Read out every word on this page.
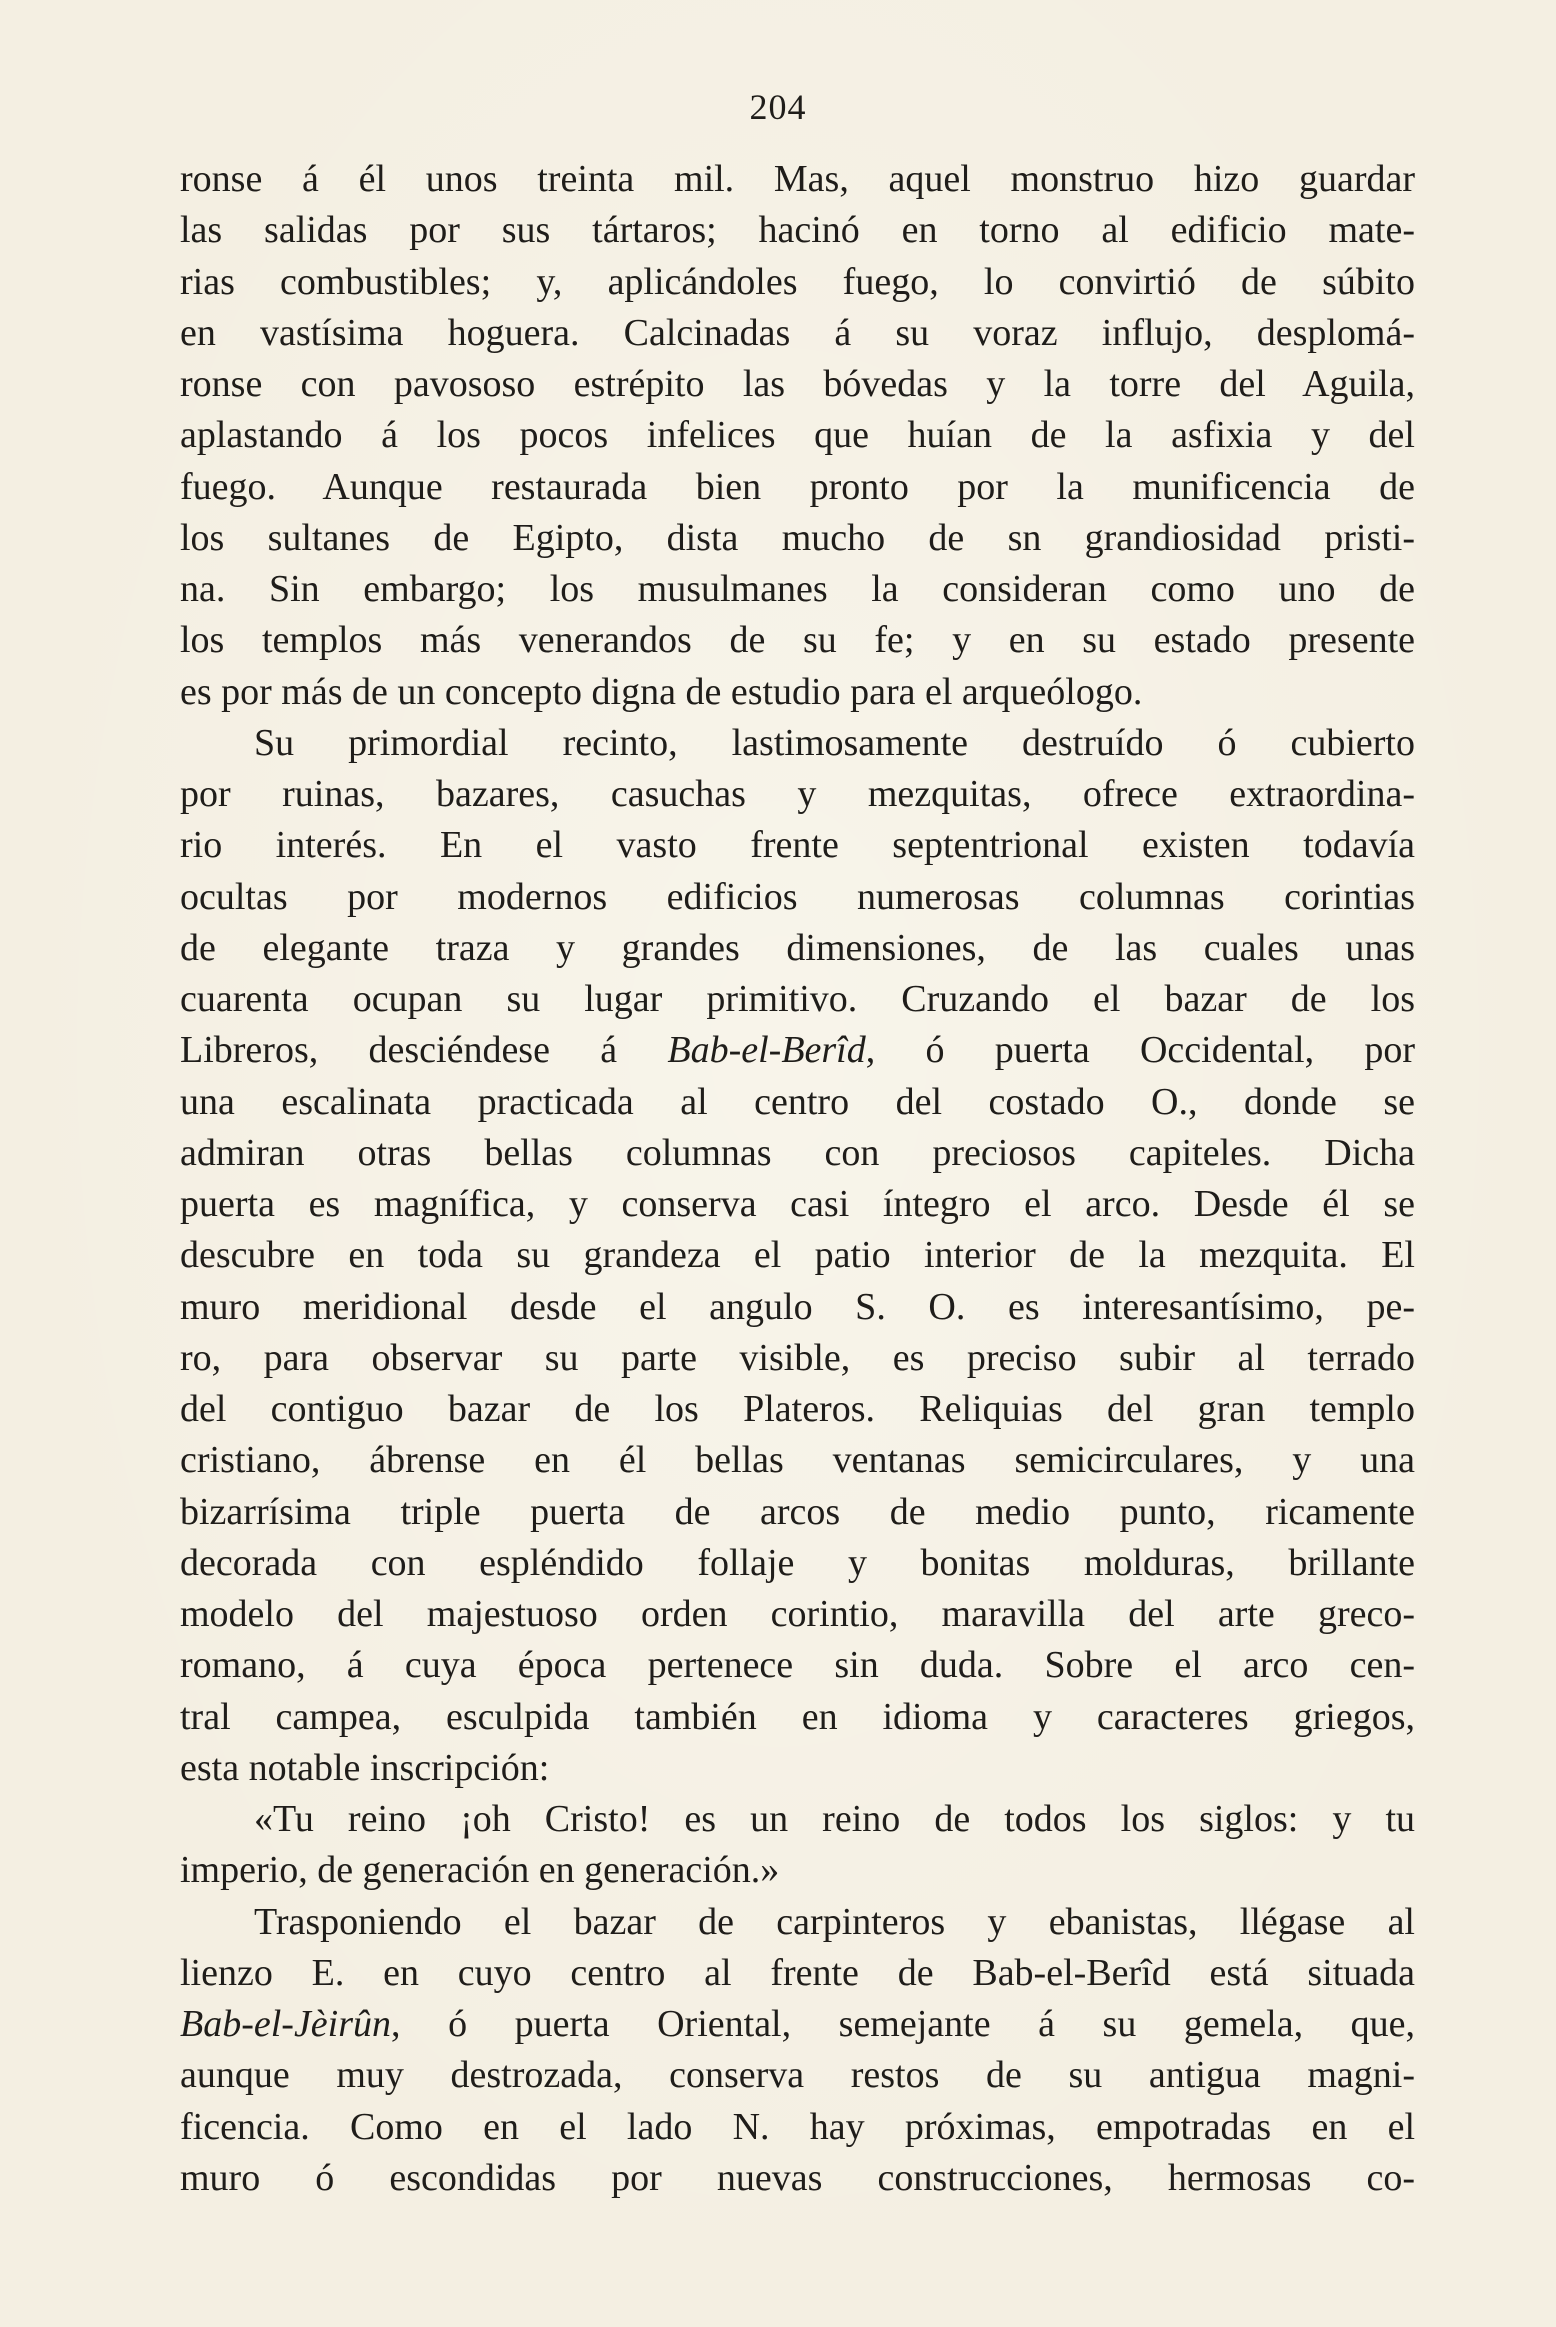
204
ronse á él unos treinta mil. Mas, aquel monstruo hizo guardar
las salidas por sus tártaros; hacinó en torno al edificio mate-
rias combustibles; y, aplicándoles fuego, lo convirtió de súbito
en vastísima hoguera. Calcinadas á su voraz influjo, desplomá-
ronse con pavososo estrépito las bóvedas y la torre del Aguila,
aplastando á los pocos infelices que huían de la asfixia y del
fuego. Aunque restaurada bien pronto por la munificencia de
los sultanes de Egipto, dista mucho de sn grandiosidad pristi-
na. Sin embargo; los musulmanes la consideran como uno de
los templos más venerandos de su fe; y en su estado presente
es por más de un concepto digna de estudio para el arqueólogo.
Su primordial recinto, lastimosamente destruído ó cubierto
por ruinas, bazares, casuchas y mezquitas, ofrece extraordina-
rio interés. En el vasto frente septentrional existen todavía
ocultas por modernos edificios numerosas columnas corintias
de elegante traza y grandes dimensiones, de las cuales unas
cuarenta ocupan su lugar primitivo. Cruzando el bazar de los
Libreros, desciéndese á Bab-el-Berîd, ó puerta Occidental, por
una escalinata practicada al centro del costado O., donde se
admiran otras bellas columnas con preciosos capiteles. Dicha
puerta es magnífica, y conserva casi íntegro el arco. Desde él se
descubre en toda su grandeza el patio interior de la mezquita. El
muro meridional desde el angulo S. O. es interesantísimo, pe-
ro, para observar su parte visible, es preciso subir al terrado
del contiguo bazar de los Plateros. Reliquias del gran templo
cristiano, ábrense en él bellas ventanas semicirculares, y una
bizarrísima triple puerta de arcos de medio punto, ricamente
decorada con espléndido follaje y bonitas molduras, brillante
modelo del majestuoso orden corintio, maravilla del arte greco-
romano, á cuya época pertenece sin duda. Sobre el arco cen-
tral campea, esculpida también en idioma y caracteres griegos,
esta notable inscripción:
«Tu reino ¡oh Cristo! es un reino de todos los siglos: y tu
imperio, de generación en generación.»
Trasponiendo el bazar de carpinteros y ebanistas, llégase al
lienzo E. en cuyo centro al frente de Bab-el-Berîd está situada
Bab-el-Jèirûn, ó puerta Oriental, semejante á su gemela, que,
aunque muy destrozada, conserva restos de su antigua magni-
ficencia. Como en el lado N. hay próximas, empotradas en el
muro ó escondidas por nuevas construcciones, hermosas co-
